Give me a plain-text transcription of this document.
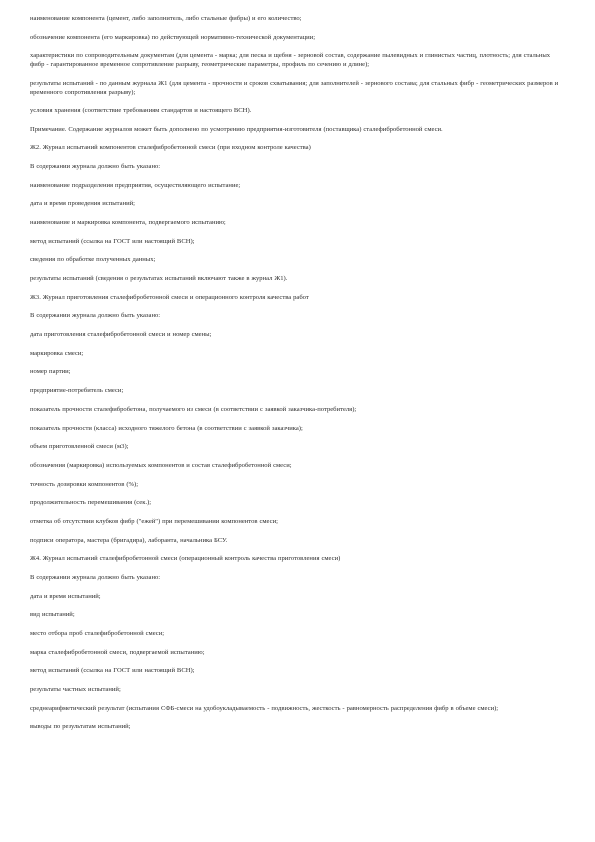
наименование компонента (цемент, либо заполнитель, либо стальные фибры) и его количество;

обозначение компонента (его маркировка) по действующей нормативно-технической документации;

характеристики по сопроводительным документам (для цемента - марка; для песка и щебня - зерновой состав, содержание пылевидных и глинистых частиц, плотность; для стальных фибр - гарантированное временное сопротивление разрыву, геометрические параметры, профиль по сечению и длине);

результаты испытаний - по данным журнала Ж1 (для цемента - прочности и сроков схватывания; для заполнителей - зернового состава; для стальных фибр - геометрических размеров и временного сопротивления разрыву);

условия хранения (соответствие требованиям стандартов и настоящего ВСН).

Примечание. Содержание журналов может быть дополнено по усмотрению предприятия-изготовителя (поставщика) сталефибробетонной смеси.

Ж2. Журнал испытаний компонентов сталефибробетонной смеси (при входном контроле качества)

В содержании журнала должно быть указано:

наименование подразделения предприятия, осуществляющего испытание;

дата и время проведения испытаний;

наименование и маркировка компонента, подвергаемого испытанию;

метод испытаний (ссылка на ГОСТ или настоящий ВСН);

сведения по обработке полученных данных;

результаты испытаний (сведения о результатах испытаний включают также в журнал Ж1).

Ж3. Журнал приготовления сталефибробетонной смеси и операционного контроля качества работ

В содержании журнала должно быть указано:

дата приготовления сталефибробетонной смеси и номер смены;

маркировка смеси;

номер партии;

предприятие-потребитель смеси;

показатель прочности сталефибробетона, получаемого из смеси (в соответствии с заявкой заказчика-потребителя);

показатель прочности (класса) исходного тяжелого бетона (в соответствии с заявкой заказчика);

объем приготовленной смеси (м3);

обозначения (маркировка) используемых компонентов и состав сталефибробетонной смеси;

точность дозировки компонентов (%);

продолжительность перемешивания (сек.);

отметка об отсутствии клубков фибр ("ежей") при перемешивании компонентов смеси;

подписи оператора, мастера (бригадира), лаборанта, начальника БСУ.

Ж4. Журнал испытаний сталефибробетонной смеси (операционный контроль качества приготовления смеси)

В содержании журнала должно быть указано:

дата и время испытаний;

вид испытаний;

место отбора проб сталефибробетонной смеси;

марка сталефибробетонной смеси, подвергаемой испытанию;

метод испытаний (ссылка на ГОСТ или настоящий ВСН);

результаты частных испытаний;

среднеарифметический результат (испытания СФБ-смеси на удобоукладываемость - подвижность, жесткость - равномерность распределения фибр в объеме смеси);

выводы по результатам испытаний;
